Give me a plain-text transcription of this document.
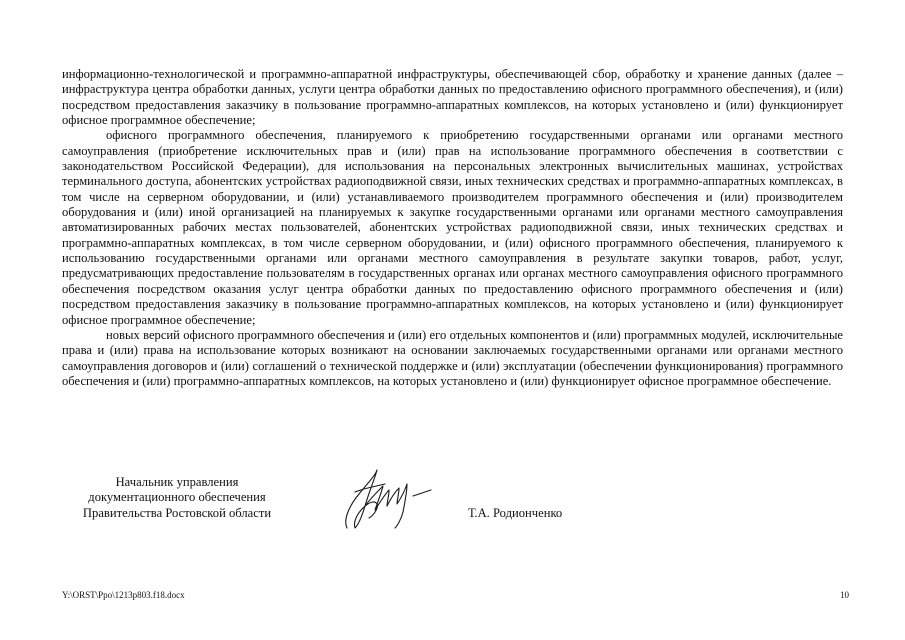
информационно-технологической и программно-аппаратной инфраструктуры, обеспечивающей сбор, обработку и хранение данных (далее – инфраструктура центра обработки данных, услуги центра обработки данных по предоставлению офисного программного обеспечения), и (или) посредством предоставления заказчику в пользование программно-аппаратных комплексов, на которых установлено и (или) функционирует офисное программное обеспечение;

офисного программного обеспечения, планируемого к приобретению государственными органами или органами местного самоуправления (приобретение исключительных прав и (или) прав на использование программного обеспечения в соответствии с законодательством Российской Федерации), для использования на персональных электронных вычислительных машинах, устройствах терминального доступа, абонентских устройствах радиоподвижной связи, иных технических средствах и программно-аппаратных комплексах, в том числе на серверном оборудовании, и (или) устанавливаемого производителем программного обеспечения и (или) производителем оборудования и (или) иной организацией на планируемых к закупке государственными органами или органами местного самоуправления автоматизированных рабочих местах пользователей, абонентских устройствах радиоподвижной связи, иных технических средствах и программно-аппаратных комплексах, в том числе серверном оборудовании, и (или) офисного программного обеспечения, планируемого к использованию государственными органами или органами местного самоуправления в результате закупки товаров, работ, услуг, предусматривающих предоставление пользователям в государственных органах или органах местного самоуправления офисного программного обеспечения посредством оказания услуг центра обработки данных по предоставлению офисного программного обеспечения и (или) посредством предоставления заказчику в пользование программно-аппаратных комплексов, на которых установлено и (или) функционирует офисное программное обеспечение;

новых версий офисного программного обеспечения и (или) его отдельных компонентов и (или) программных модулей, исключительные права и (или) права на использование которых возникают на основании заключаемых государственными органами или органами местного самоуправления договоров и (или) соглашений о технической поддержке и (или) эксплуатации (обеспечении функционирования) программного обеспечения и (или) программно-аппаратных комплексов, на которых установлено и (или) функционирует офисное программное обеспечение.

Начальник управления
документационного обеспечения
Правительства Ростовской области	Т.А. Родионченко
Y:\ORST\Ppo\1213p803.f18.docx	10
